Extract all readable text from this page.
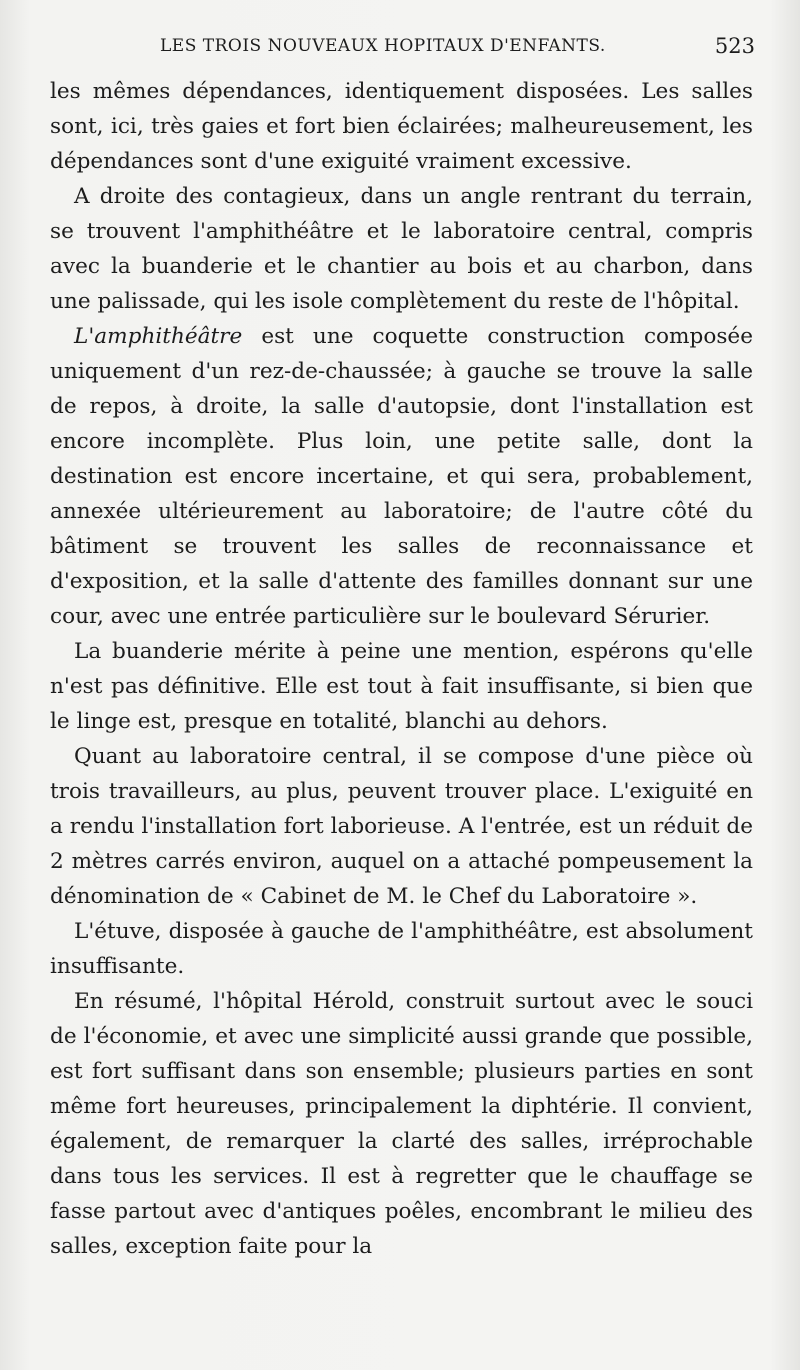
LES TROIS NOUVEAUX HOPITAUX D'ENFANTS.	523

les mêmes dépendances, identiquement disposées. Les salles sont, ici, très gaies et fort bien éclairées; malheureusement, les dépendances sont d'une exiguité vraiment excessive.

A droite des contagieux, dans un angle rentrant du terrain, se trouvent l'amphithéâtre et le laboratoire central, compris avec la buanderie et le chantier au bois et au charbon, dans une palissade, qui les isole complètement du reste de l'hôpital.

L'amphithéâtre est une coquette construction composée uniquement d'un rez-de-chaussée; à gauche se trouve la salle de repos, à droite, la salle d'autopsie, dont l'installation est encore incomplète. Plus loin, une petite salle, dont la destination est encore incertaine, et qui sera, probablement, annexée ultérieurement au laboratoire; de l'autre côté du bâtiment se trouvent les salles de reconnaissance et d'exposition, et la salle d'attente des familles donnant sur une cour, avec une entrée particulière sur le boulevard Sérurier.

La buanderie mérite à peine une mention, espérons qu'elle n'est pas définitive. Elle est tout à fait insuffisante, si bien que le linge est, presque en totalité, blanchi au dehors.

Quant au laboratoire central, il se compose d'une pièce où trois travailleurs, au plus, peuvent trouver place. L'exiguité en a rendu l'installation fort laborieuse. A l'entrée, est un réduit de 2 mètres carrés environ, auquel on a attaché pompeusement la dénomination de « Cabinet de M. le Chef du Laboratoire ».

L'étuve, disposée à gauche de l'amphithéâtre, est absolument insuffisante.

En résumé, l'hôpital Hérold, construit surtout avec le souci de l'économie, et avec une simplicité aussi grande que possible, est fort suffisant dans son ensemble; plusieurs parties en sont même fort heureuses, principalement la diphtérie. Il convient, également, de remarquer la clarté des salles, irréprochable dans tous les services. Il est à regretter que le chauffage se fasse partout avec d'antiques poêles, encombrant le milieu des salles, exception faite pour la
